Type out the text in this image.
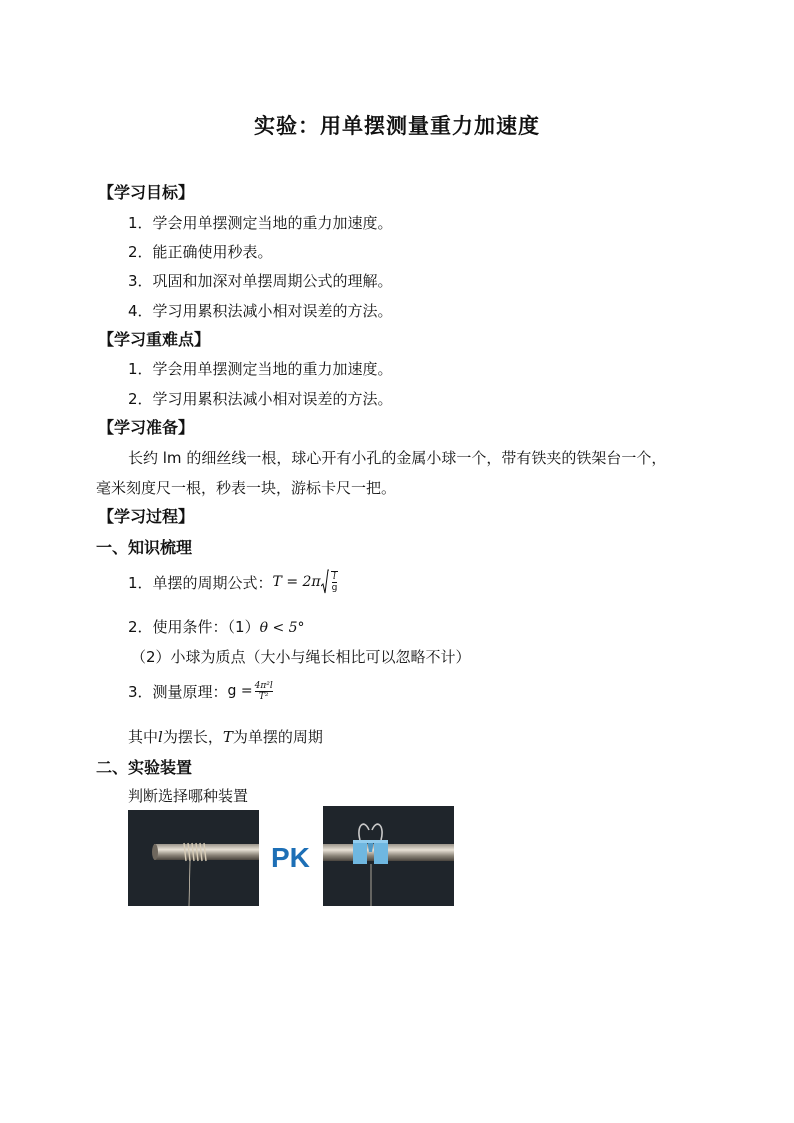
实验：用单摆测量重力加速度
【学习目标】
1．学会用单摆测定当地的重力加速度。
2．能正确使用秒表。
3．巩固和加深对单摆周期公式的理解。
4．学习用累积法减小相对误差的方法。
【学习重难点】
1．学会用单摆测定当地的重力加速度。
2．学习用累积法减小相对误差的方法。
【学习准备】
长约 lm 的细丝线一根，球心开有小孔的金属小球一个，带有铁夹的铁架台一个，
毫米刻度尺一根，秒表一块，游标卡尺一把。
【学习过程】
一、知识梳理
1．单摆的周期公式： $T = 2\pi \frac{l}{g}$
2．使用条件：（1）θ < 5°
（2）小球为质点（大小与绳长相比可以忽略不计）
3．测量原理： $g = \frac{\text{4π²l}}{\text{T²}}$
其中l为摆长，T为单摆的周期
二、实验装置
判断选择哪种装置
PK
